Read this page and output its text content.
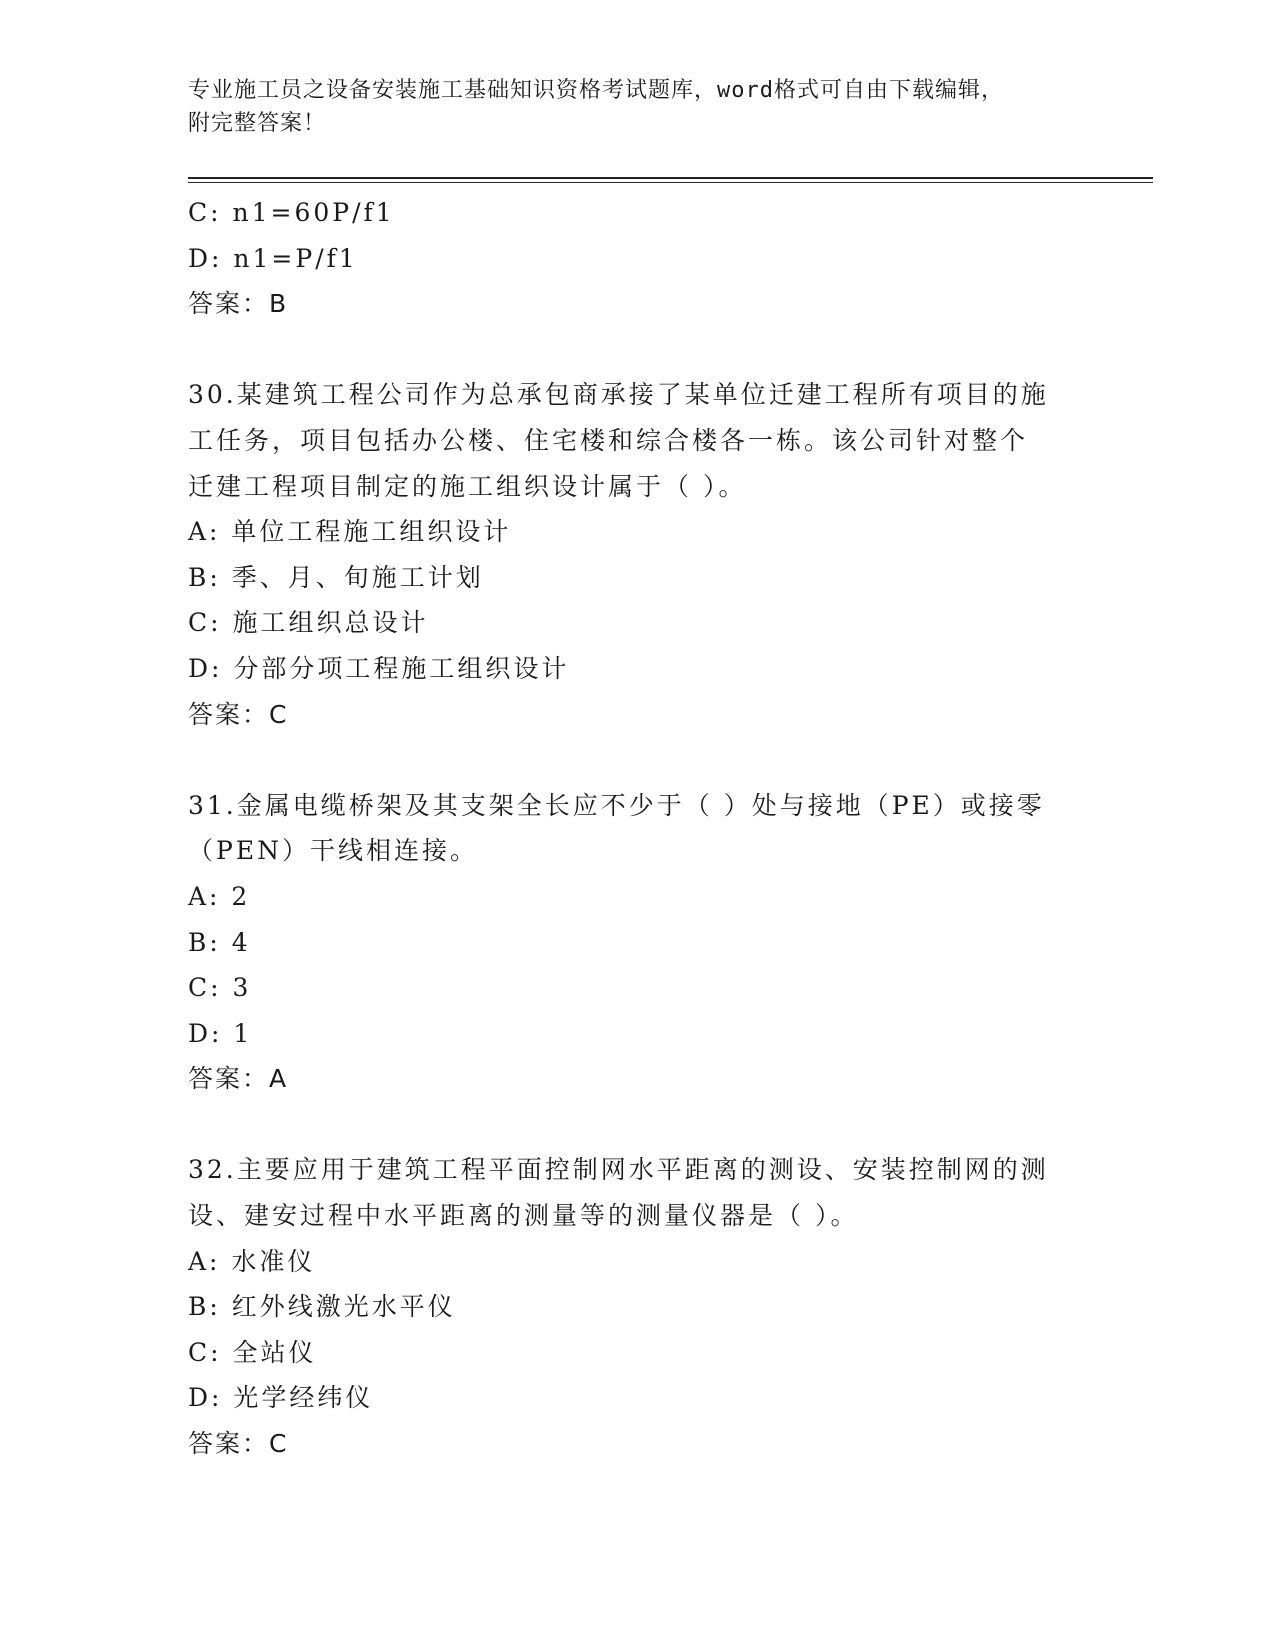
专业施工员之设备安装施工基础知识资格考试题库，word格式可自由下载编辑，
附完整答案！
C: n1=60P/f1
D: n1=P/f1
答案：B
30.某建筑工程公司作为总承包商承接了某单位迁建工程所有项目的施
工任务，项目包括办公楼、住宅楼和综合楼各一栋。该公司针对整个
迁建工程项目制定的施工组织设计属于（ ）。
A: 单位工程施工组织设计
B: 季、月、旬施工计划
C: 施工组织总设计
D: 分部分项工程施工组织设计
答案：C
31.金属电缆桥架及其支架全长应不少于（ ）处与接地（PE）或接零
（PEN）干线相连接。
A: 2
B: 4
C: 3
D: 1
答案：A
32.主要应用于建筑工程平面控制网水平距离的测设、安装控制网的测
设、建安过程中水平距离的测量等的测量仪器是（ ）。
A: 水准仪
B: 红外线激光水平仪
C: 全站仪
D: 光学经纬仪
答案：C
